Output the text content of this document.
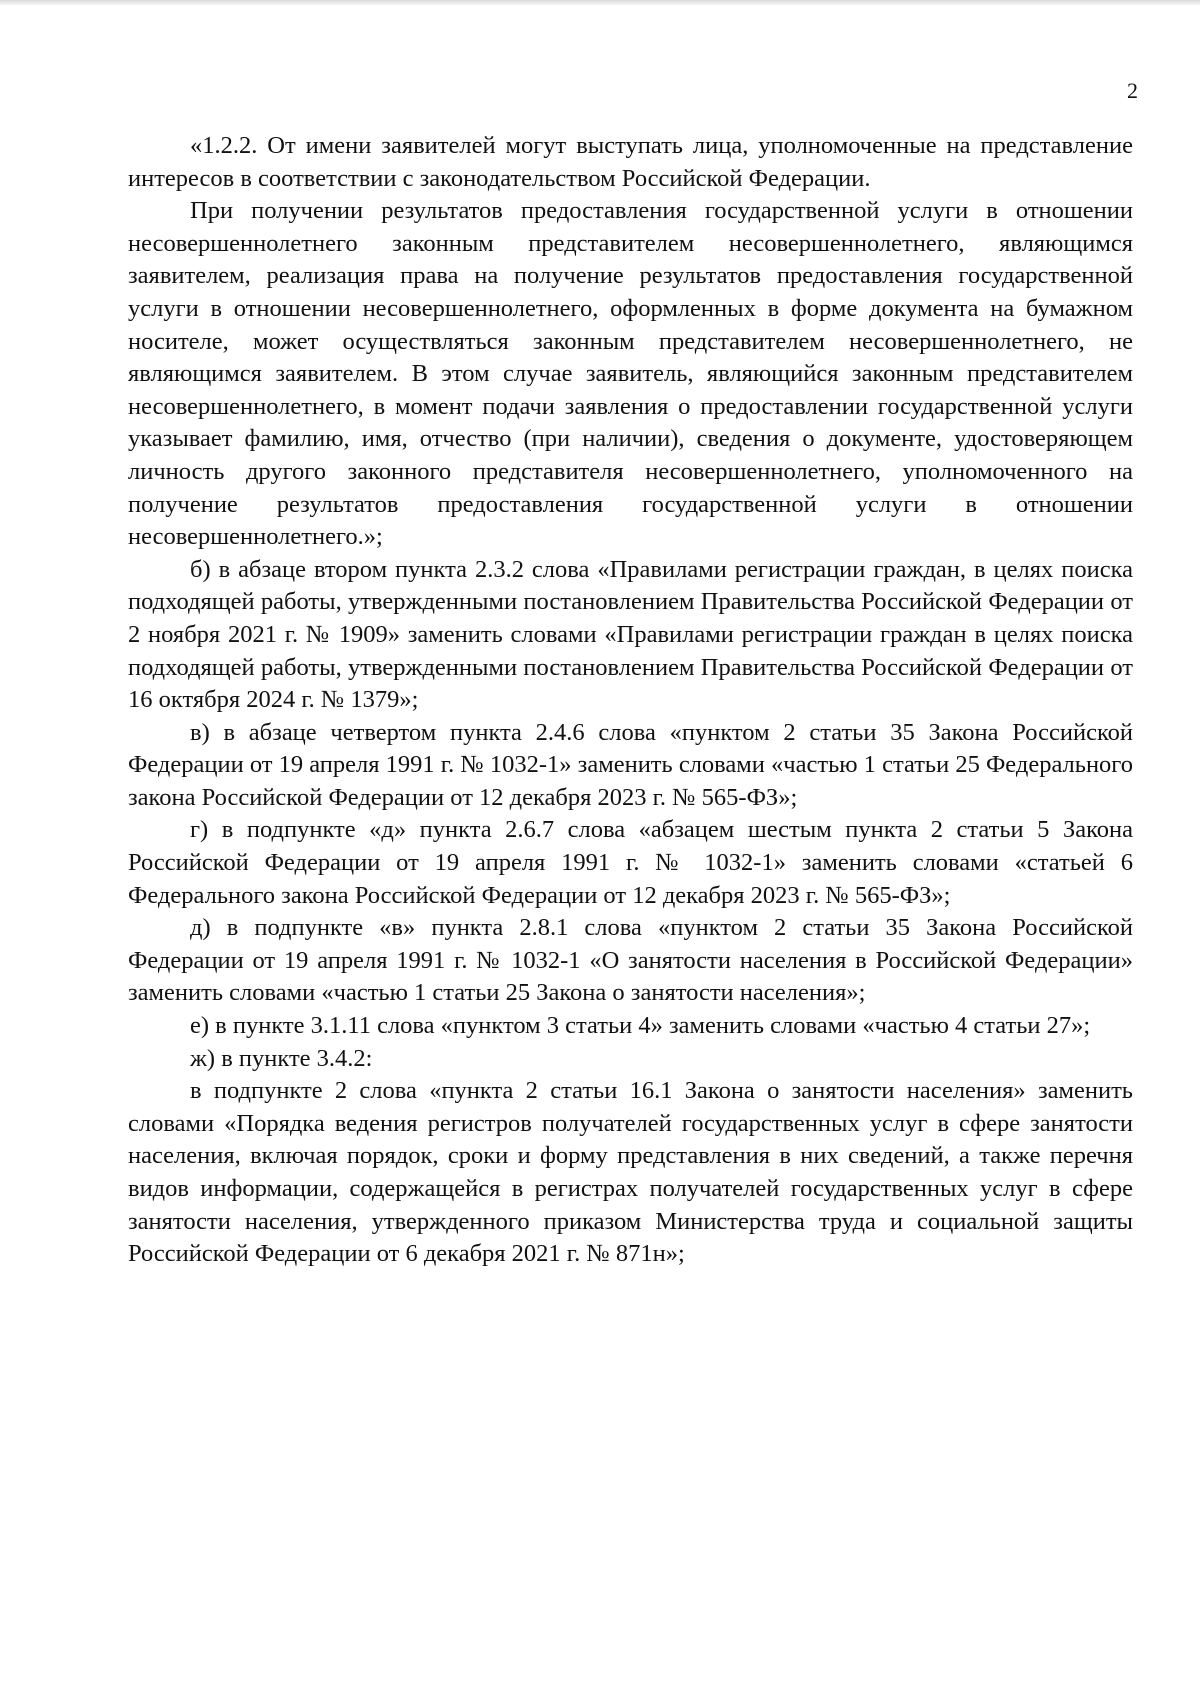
2

«1.2.2. От имени заявителей могут выступать лица, уполномоченные на представление интересов в соответствии с законодательством Российской Федерации.

При получении результатов предоставления государственной услуги в отношении несовершеннолетнего законным представителем несовершеннолетнего, являющимся заявителем, реализация права на получение результатов предоставления государственной услуги в отношении несовершеннолетнего, оформленных в форме документа на бумажном носителе, может осуществляться законным представителем несовершеннолетнего, не являющимся заявителем. В этом случае заявитель, являющийся законным представителем несовершеннолетнего, в момент подачи заявления о предоставлении государственной услуги указывает фамилию, имя, отчество (при наличии), сведения о документе, удостоверяющем личность другого законного представителя несовершеннолетнего, уполномоченного на получение результатов предоставления государственной услуги в отношении несовершеннолетнего.»;

б) в абзаце втором пункта 2.3.2 слова «Правилами регистрации граждан, в целях поиска подходящей работы, утвержденными постановлением Правительства Российской Федерации от 2 ноября 2021 г. № 1909» заменить словами «Правилами регистрации граждан в целях поиска подходящей работы, утвержденными постановлением Правительства Российской Федерации от 16 октября 2024 г. № 1379»;

в) в абзаце четвертом пункта 2.4.6 слова «пунктом 2 статьи 35 Закона Российской Федерации от 19 апреля 1991 г. № 1032-1» заменить словами «частью 1 статьи 25 Федерального закона Российской Федерации от 12 декабря 2023 г. № 565-ФЗ»;

г) в подпункте «д» пункта 2.6.7 слова «абзацем шестым пункта 2 статьи 5 Закона Российской Федерации от 19 апреля 1991 г. № 1032-1» заменить словами «статьей 6 Федерального закона Российской Федерации от 12 декабря 2023 г. № 565-ФЗ»;

д) в подпункте «в» пункта 2.8.1 слова «пунктом 2 статьи 35 Закона Российской Федерации от 19 апреля 1991 г. № 1032-1 «О занятости населения в Российской Федерации» заменить словами «частью 1 статьи 25 Закона о занятости населения»;

е) в пункте 3.1.11 слова «пунктом 3 статьи 4» заменить словами «частью 4 статьи 27»;

ж) в пункте 3.4.2:

в подпункте 2 слова «пункта 2 статьи 16.1 Закона о занятости населения» заменить словами «Порядка ведения регистров получателей государственных услуг в сфере занятости населения, включая порядок, сроки и форму представления в них сведений, а также перечня видов информации, содержащейся в регистрах получателей государственных услуг в сфере занятости населения, утвержденного приказом Министерства труда и социальной защиты Российской Федерации от 6 декабря 2021 г. № 871н»;
